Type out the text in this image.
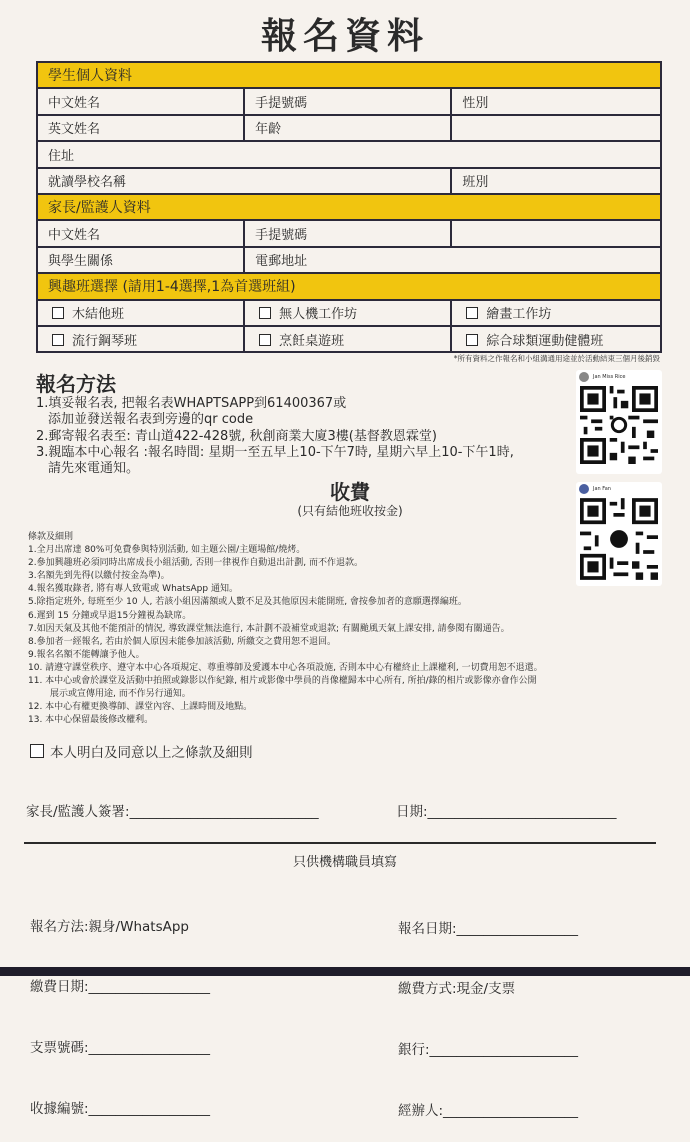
報名資料
學生個人資料		
中文姓名	手提號碼	性別
英文姓名	年齡	
住址		
就讀學校名稱		班別
家長/監護人資料		
中文姓名	手提號碼	
與學生關係	電郵地址	
興趣班選擇 (請用1-4選擇,1為首選班組)		
木結他班	無人機工作坊	繪畫工作坊
流行鋼琴班	烹飪桌遊班	綜合球類運動健體班
*所有資料之作報名和小組溝通用途並於活動結束三個月後銷毀
報名方法
1.填妥報名表, 把報名表WHAPTSAPP到61400367或
添加並發送報名表到旁邊的qr code
2.郵寄報名表至: 青山道422-428號, 秋創商業大廈3樓(基督教恩霖堂)
3.親臨本中心報名 :報名時間: 星期一至五早上10-下午7時, 星期六早上10-下午1時,
請先來電通知。
Jan Miss Rice
Jan Fan
收費
(只有結他班收按金)
條款及細則
1.全月出席達 80%可免費參與特別活動, 如主題公園/主題場館/燒烤。
2.參加興趣班必須同時出席成長小組活動, 否則一律視作自動退出計劃, 而不作退款。
3.名額先到先得(以繳付按金為準)。
4.報名獲取錄者, 將有專人致電或 WhatsApp 通知。
5.除指定班外, 每班至少 10 人, 若該小組因滿額或人數不足及其他原因未能開班, 會按參加者的意願選擇編班。
6.遲到 15 分鐘或早退15分鐘視為缺席。
7.如因天氣及其他不能預計的情況, 導致課堂無法進行, 本計劃不設補堂或退款; 有關颱風天氣上課安排, 請參閱有關通告。
8.參加者一經報名, 若由於個人原因未能參加該活動, 所繳交之費用恕不退回。
9.報名名額不能轉讓予他人。
10. 請遵守課堂秩序、遵守本中心各項規定、尊重導師及愛護本中心各項設施, 否則本中心有權終止上課權利, 一切費用恕不退還。
11. 本中心或會於課堂及活動中拍照或錄影以作紀錄, 相片或影像中學員的肖像權歸本中心所有, 所拍/錄的相片或影像亦會作公開
展示或宣傳用途, 而不作另行通知。
12. 本中心有權更換導師、課堂內容、上課時間及地點。
13. 本中心保留最後修改權利。
本人明白及同意以上之條款及細則
家長/監護人簽署:____________________________	日期:____________________________
只供機構職員填寫

報名方法:親身/WhatsApp

繳費日期:__________________

支票號碼:__________________

收據編號:__________________

報名日期:__________________

繳費方式:現金/支票

銀行:______________________

經辦人:____________________
